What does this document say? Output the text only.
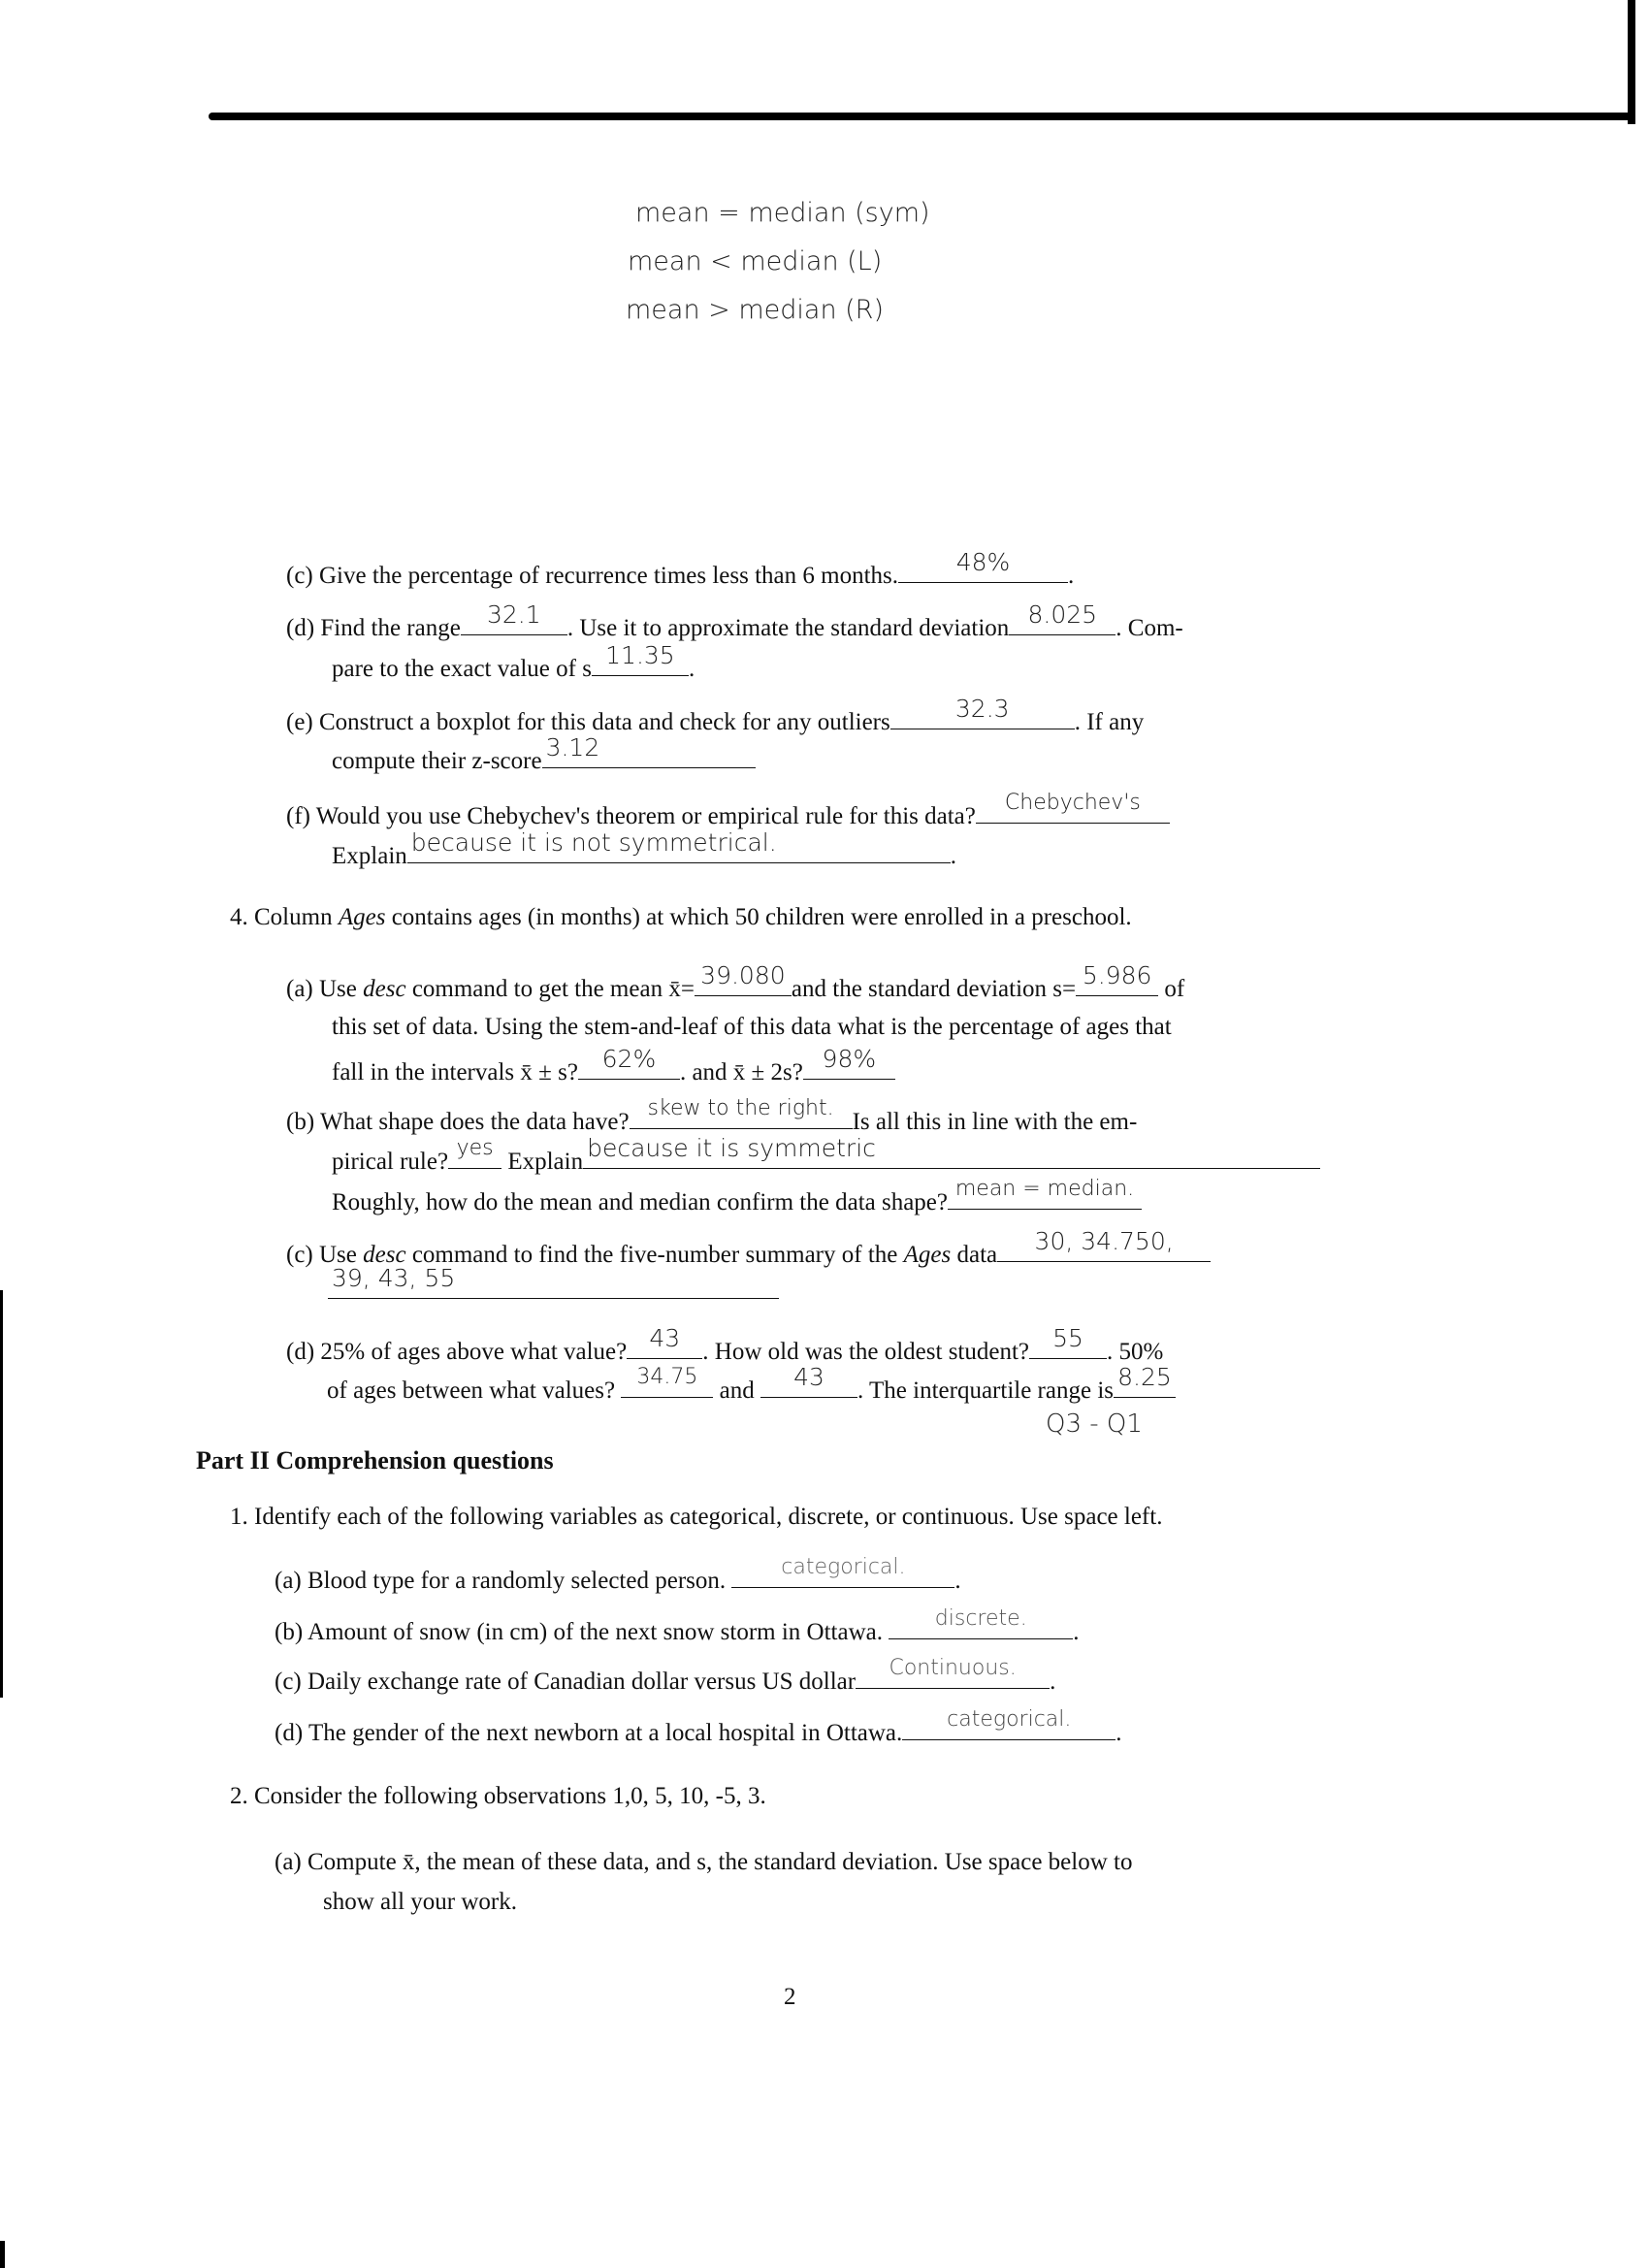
mean = median (sym)
mean < median (L)
mean > median (R)
(c) Give the percentage of recurrence times less than 6 months.	48%	.
(d) Find the range	32.1	. Use it to approximate the standard deviation 8.025 . Com-
pare to the exact value of s 11.35 .
(e) Construct a boxplot for this data and check for any outliers	32.3	. If any
compute their z-score 3.12
(f) Would you use Chebychev's theorem or empirical rule for this data?
Chebychev's
Explain because it is not symmetrical.	.
4. Column Ages contains ages (in months) at which 50 children were enrolled in a preschool.
(a) Use desc command to get the mean x̄= 39.080 and the standard deviation s= 5.986 of
this set of data. Using the stem-and-leaf of this data what is the percentage of ages that
fall in the intervals x̄ ± s? 62% . and x̄ ± 2s? 98%
(b) What shape does the data have?
skew to the right.
Is all this in line with the em-
pirical rule?
yes
Explain because it is symmetric
Roughly, how do the mean and median confirm the data shape?
mean = median.
(c) Use desc command to find the five-number summary of the Ages data	30, 34.750,
39, 43, 55
(d) 25% of ages above what value? 43 . How old was the oldest student? 55 . 50%
of ages between what values?
34.75
and	43	. The interquartile range is 8.25
Q3 - Q1
Part II Comprehension questions
1. Identify each of the following variables as categorical, discrete, or continuous. Use space left.
(a) Blood type for a randomly selected person.
categorical.
.
(b) Amount of snow (in cm) of the next snow storm in Ottawa.
discrete.
.
(c) Daily exchange rate of Canadian dollar versus US dollar
Continuous.
.
(d) The gender of the next newborn at a local hospital in Ottawa.
categorical.
.
2. Consider the following observations 1,0, 5, 10, -5, 3.
(a) Compute x̄, the mean of these data, and s, the standard deviation. Use space below to
show all your work.
2
